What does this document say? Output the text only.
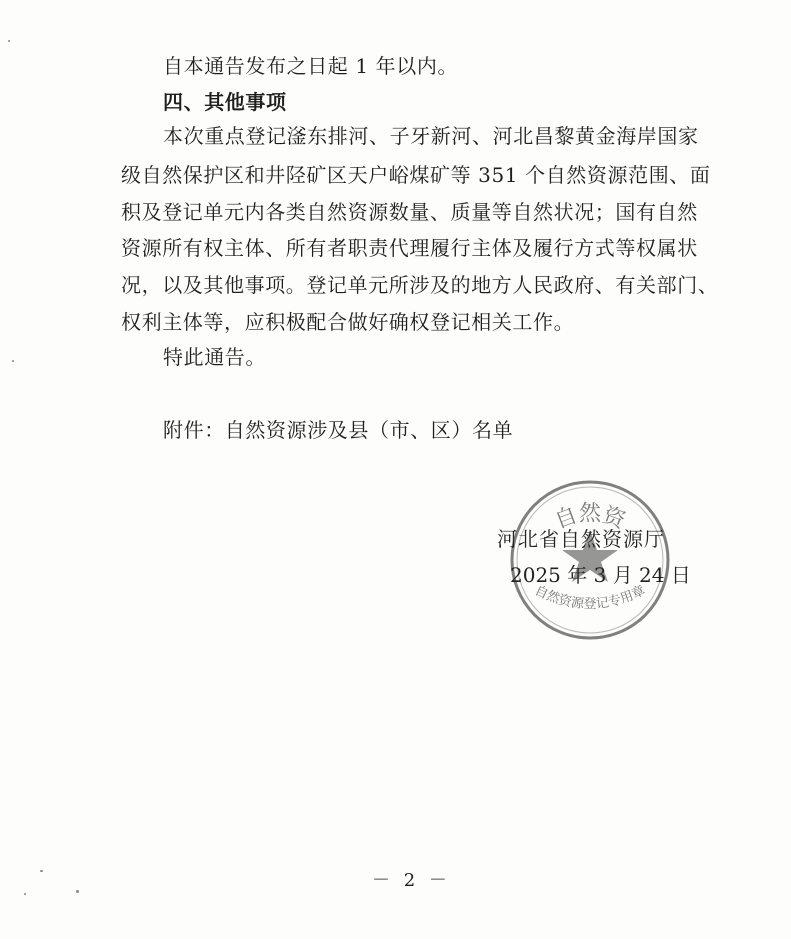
自本通告发布之日起 1 年以内。
四、其他事项
本次重点登记滏东排河、子牙新河、河北昌黎黄金海岸国家
级自然保护区和井陉矿区天户峪煤矿等 351 个自然资源范围、面
积及登记单元内各类自然资源数量、质量等自然状况；国有自然
资源所有权主体、所有者职责代理履行主体及履行方式等权属状
况，以及其他事项。登记单元所涉及的地方人民政府、有关部门、
权利主体等，应积极配合做好确权登记相关工作。
特此通告。
附件：自然资源涉及县（市、区）名单
自然资
自然资源登记专用章
河北省自然资源厅
2025 年 3 月 24 日
－ 2 －
